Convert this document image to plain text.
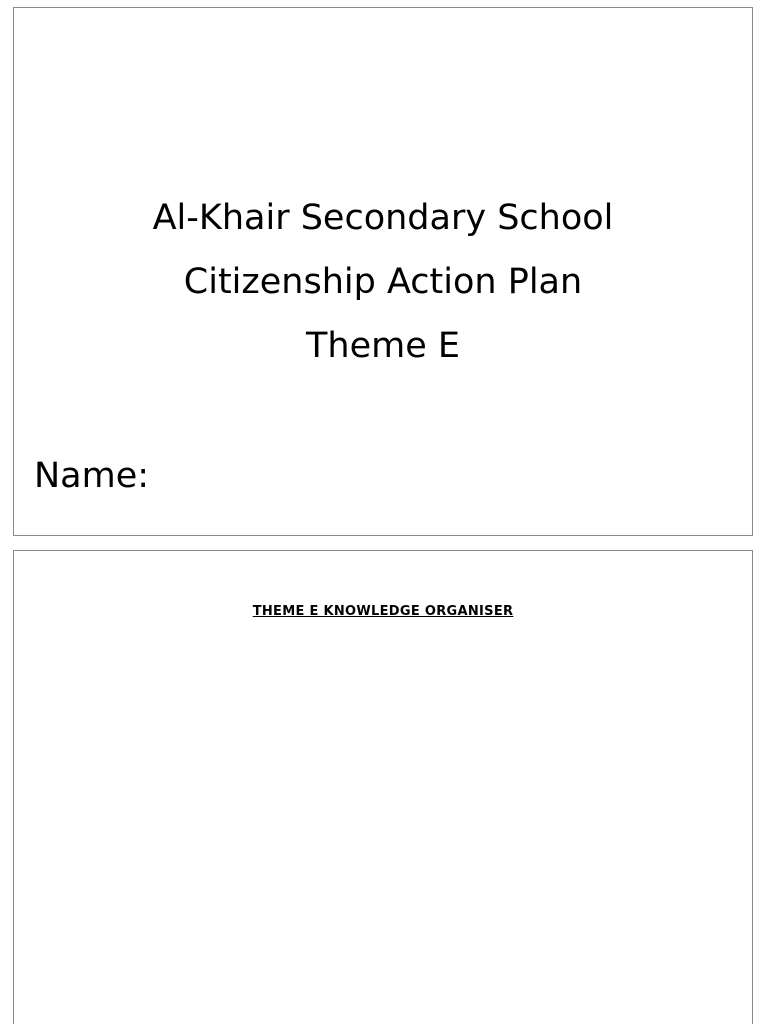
Al-Khair Secondary School
Citizenship Action Plan
Theme E
Name:
THEME E KNOWLEDGE ORGANISER
